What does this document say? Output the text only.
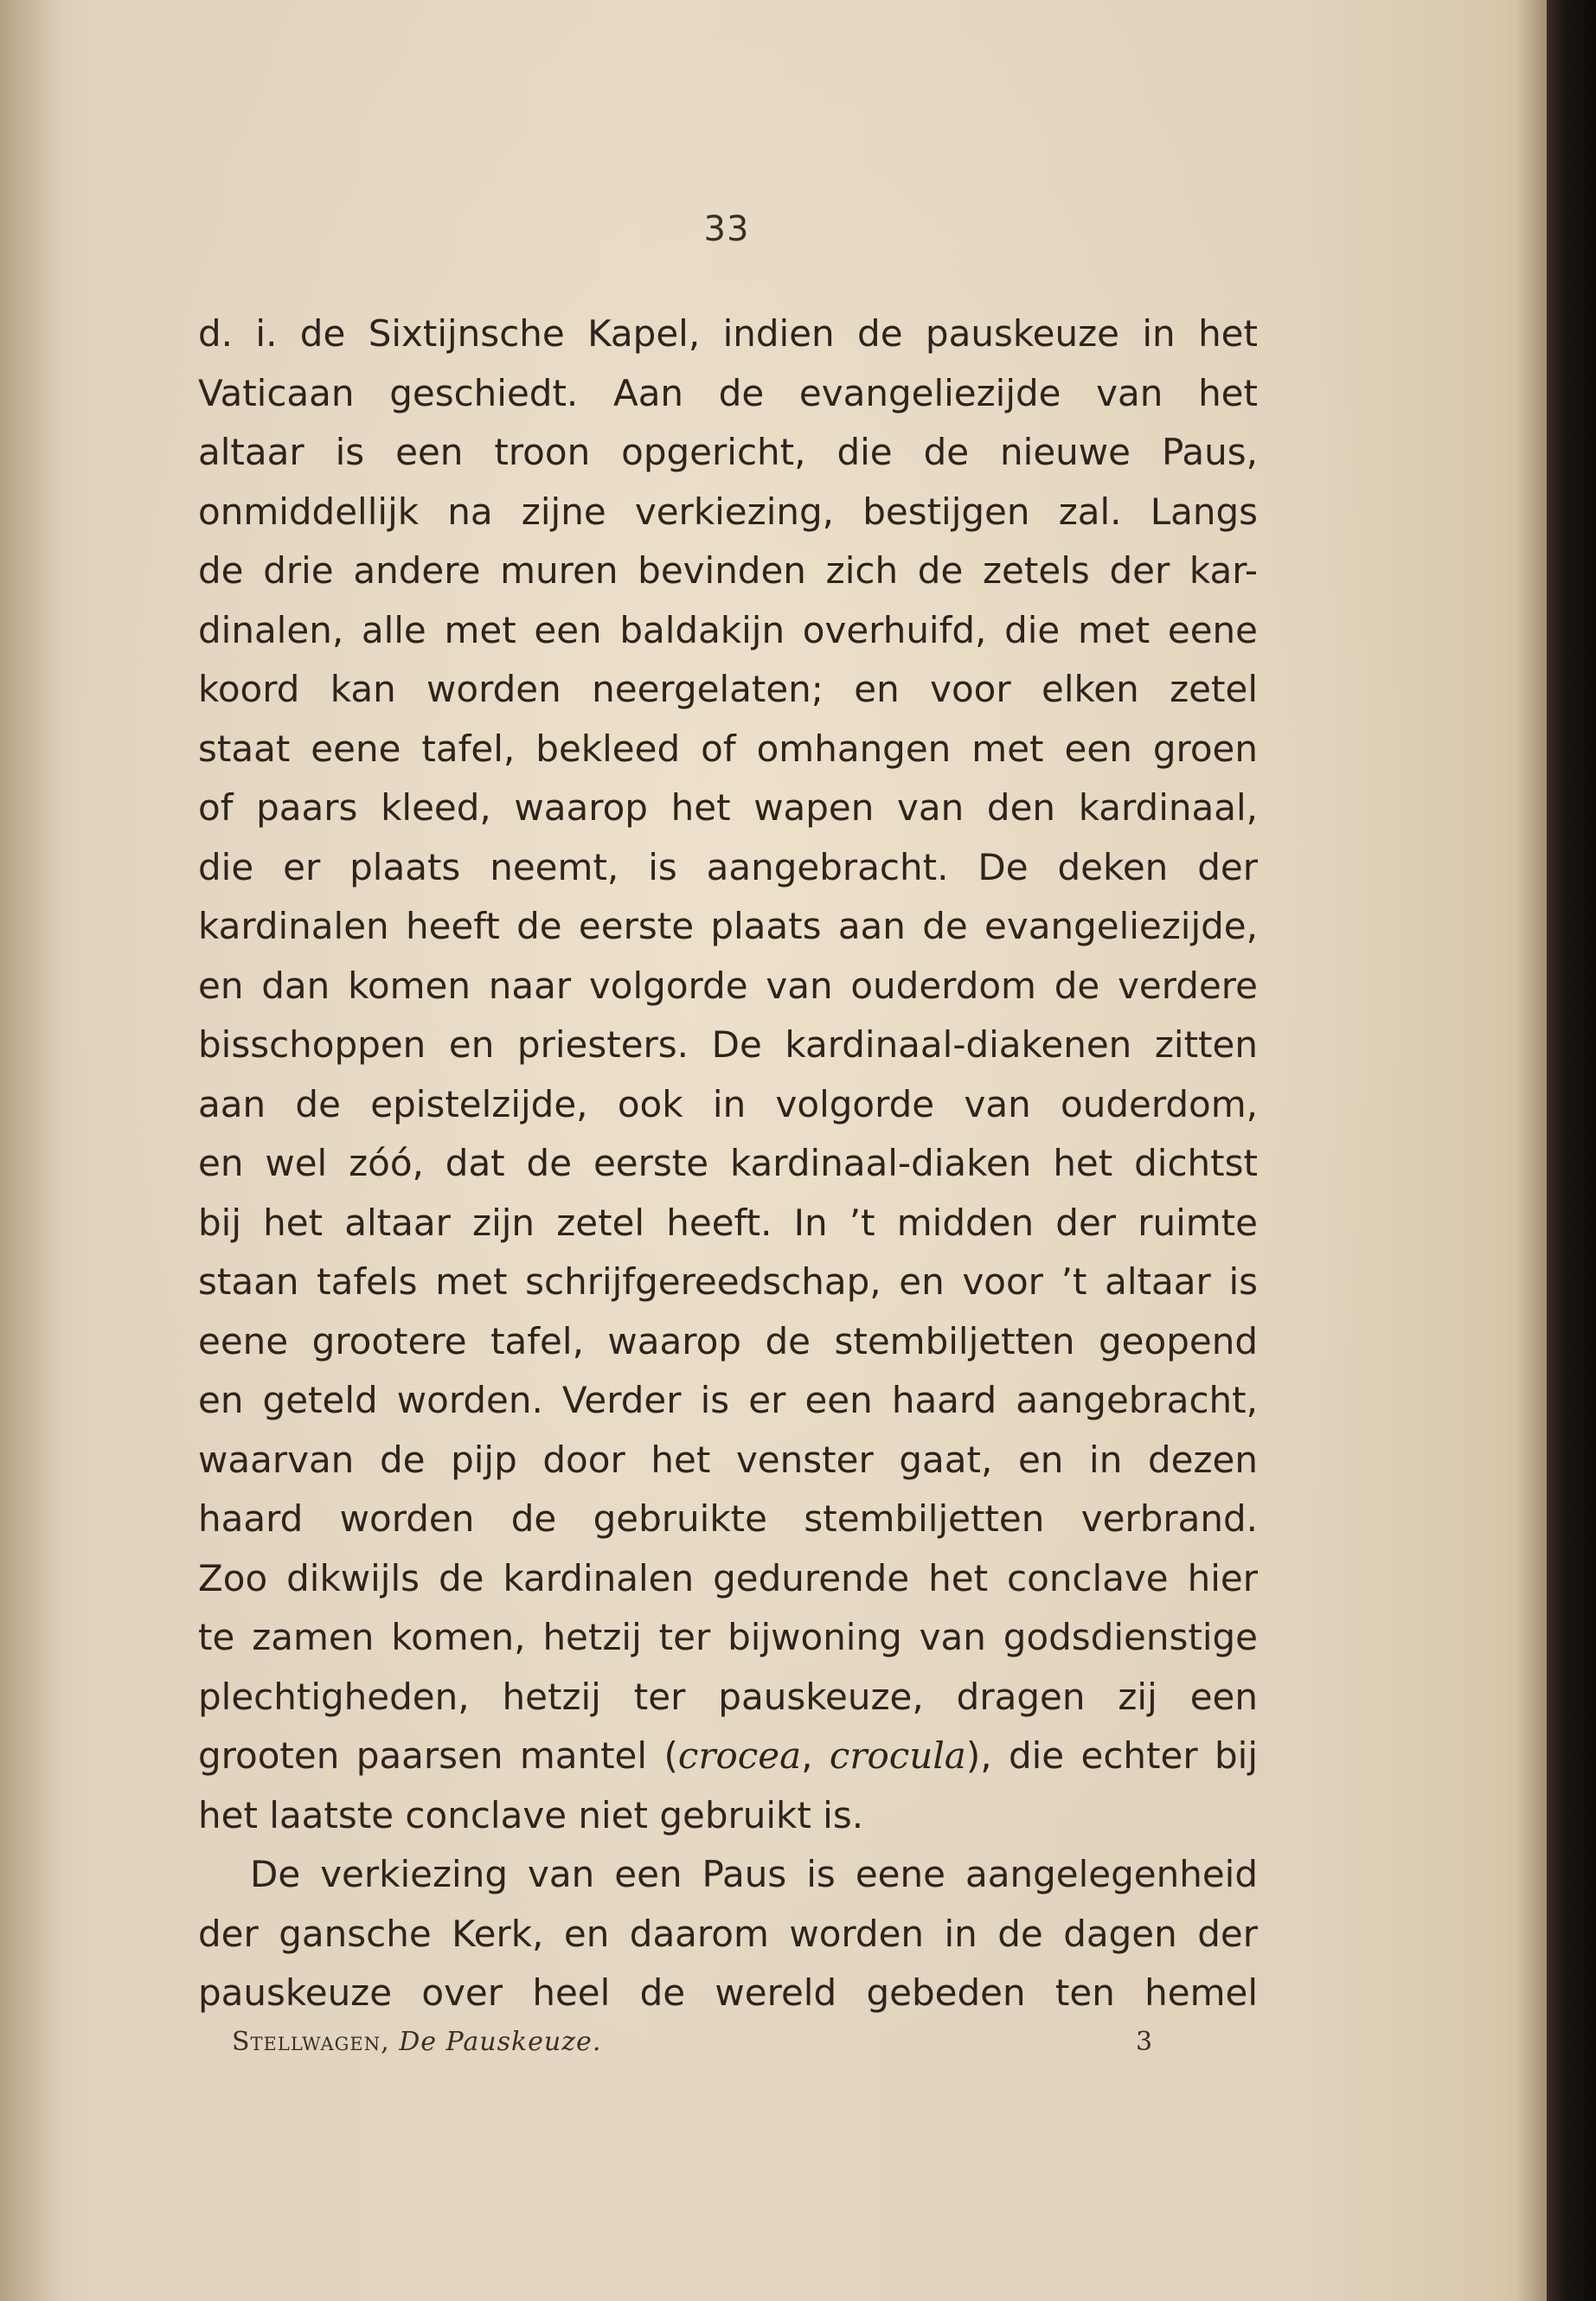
33
d. i. de Sixtijnsche Kapel, indien de pauskeuze in het
Vaticaan geschiedt. Aan de evangeliezijde van het
altaar is een troon opgericht, die de nieuwe Paus,
onmiddellijk na zijne verkiezing, bestijgen zal. Langs
de drie andere muren bevinden zich de zetels der kar-
dinalen, alle met een baldakijn overhuifd, die met eene
koord kan worden neergelaten; en voor elken zetel
staat eene tafel, bekleed of omhangen met een groen
of paars kleed, waarop het wapen van den kardinaal,
die er plaats neemt, is aangebracht. De deken der
kardinalen heeft de eerste plaats aan de evangeliezijde,
en dan komen naar volgorde van ouderdom de verdere
bisschoppen en priesters. De kardinaal-diakenen zitten
aan de epistelzijde, ook in volgorde van ouderdom,
en wel zóó, dat de eerste kardinaal-diaken het dichtst
bij het altaar zijn zetel heeft. In ’t midden der ruimte
staan tafels met schrijfgereedschap, en voor ’t altaar is
eene grootere tafel, waarop de stembiljetten geopend
en geteld worden. Verder is er een haard aangebracht,
waarvan de pijp door het venster gaat, en in dezen
haard worden de gebruikte stembiljetten verbrand.
Zoo dikwijls de kardinalen gedurende het conclave hier
te zamen komen, hetzij ter bijwoning van godsdienstige
plechtigheden, hetzij ter pauskeuze, dragen zij een
grooten paarsen mantel (crocea, crocula), die echter bij
het laatste conclave niet gebruikt is.
De verkiezing van een Paus is eene aangelegenheid
der gansche Kerk, en daarom worden in de dagen der
pauskeuze over heel de wereld gebeden ten hemel
Stellwagen, De Pauskeuze.	3
